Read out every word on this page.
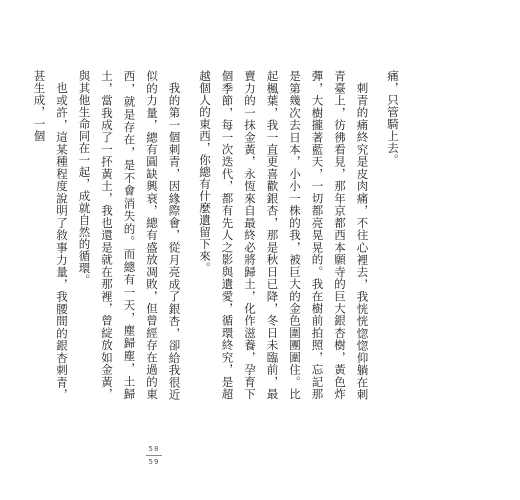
痛，只管騎上去。

刺青的痛終究是皮肉痛，不往心裡去，我恍恍惚惚仰躺在刺青臺上，彷彿看見，那年京都西本願寺的巨大銀杏樹，黃色炸彈，大樹攏著藍天，一切都亮晃晃的。我在樹前拍照，忘記那是第幾次去日本，小小一株的我，被巨大的金色圍團圍住。比起楓葉，我一直更喜歡銀杏，那是秋日已降，冬日未臨前，最賣力的一抹金黃，永恆來自最終必將歸土，化作滋養，孕育下個季節，每一次迭代，都有先人之影與遺愛，循環終究，是超越個人的東西，你總有什麼遺留下來。

我的第一個刺青，因緣際會，從月亮成了銀杏，卻給我很近似的力量，總有圓缺興衰，總有盛放凋敗，但曾經存在過的東西，就是存在，是不會消失的。而總有一天，塵歸塵，土歸土，當我成了一抔黃土，我也還是就在那裡，曾綻放如金黃，與其他生命同在一起，成就自然的循環。

也或許，這某種程度說明了敘事力量，我腰間的銀杏刺青，甚生成，一個

58
59
